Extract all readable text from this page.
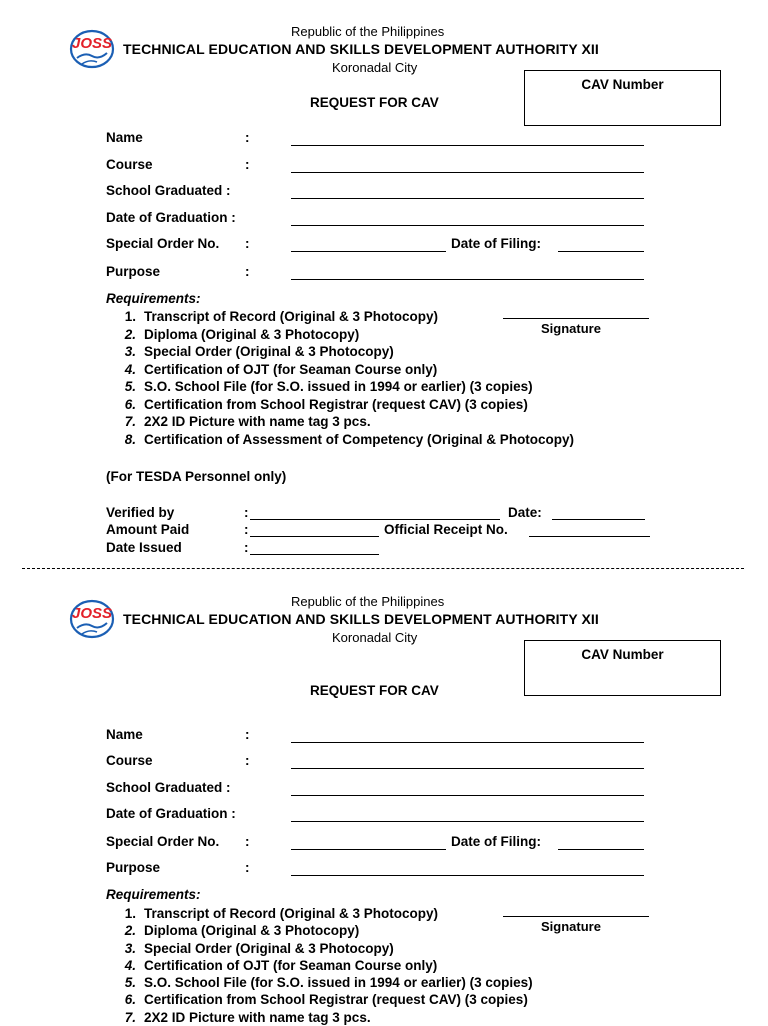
JOSS
Republic of the Philippines
TECHNICAL EDUCATION AND SKILLS DEVELOPMENT AUTHORITY XII
Koronadal City
CAV Number
REQUEST FOR CAV
Name	:
Course	:
School Graduated :
Date of Graduation :
Special Order No. :	Date of Filing:
Purpose	:
Requirements:
1. Transcript of Record (Original & 3 Photocopy)
2. Diploma (Original & 3 Photocopy)
3. Special Order (Original & 3 Photocopy)
4. Certification of OJT (for Seaman Course only)
5. S.O. School File (for S.O. issued in 1994 or earlier) (3 copies)
6. Certification from School Registrar (request CAV) (3 copies)
7. 2X2 ID Picture with name tag 3 pcs.
8. Certification of Assessment of Competency (Original & Photocopy)
Signature
(For TESDA Personnel only)
Verified by	:	Date:
Amount Paid	:	Official Receipt No.
Date Issued	:
JOSS
Republic of the Philippines
TECHNICAL EDUCATION AND SKILLS DEVELOPMENT AUTHORITY XII
Koronadal City
CAV Number
REQUEST FOR CAV
Name	:
Course	:
School Graduated :
Date of Graduation :
Special Order No. :	Date of Filing:
Purpose	:
Requirements:
1. Transcript of Record (Original & 3 Photocopy)
2. Diploma (Original & 3 Photocopy)
3. Special Order (Original & 3 Photocopy)
4. Certification of OJT (for Seaman Course only)
5. S.O. School File (for S.O. issued in 1994 or earlier) (3 copies)
6. Certification from School Registrar (request CAV) (3 copies)
7. 2X2 ID Picture with name tag 3 pcs.
Signature
